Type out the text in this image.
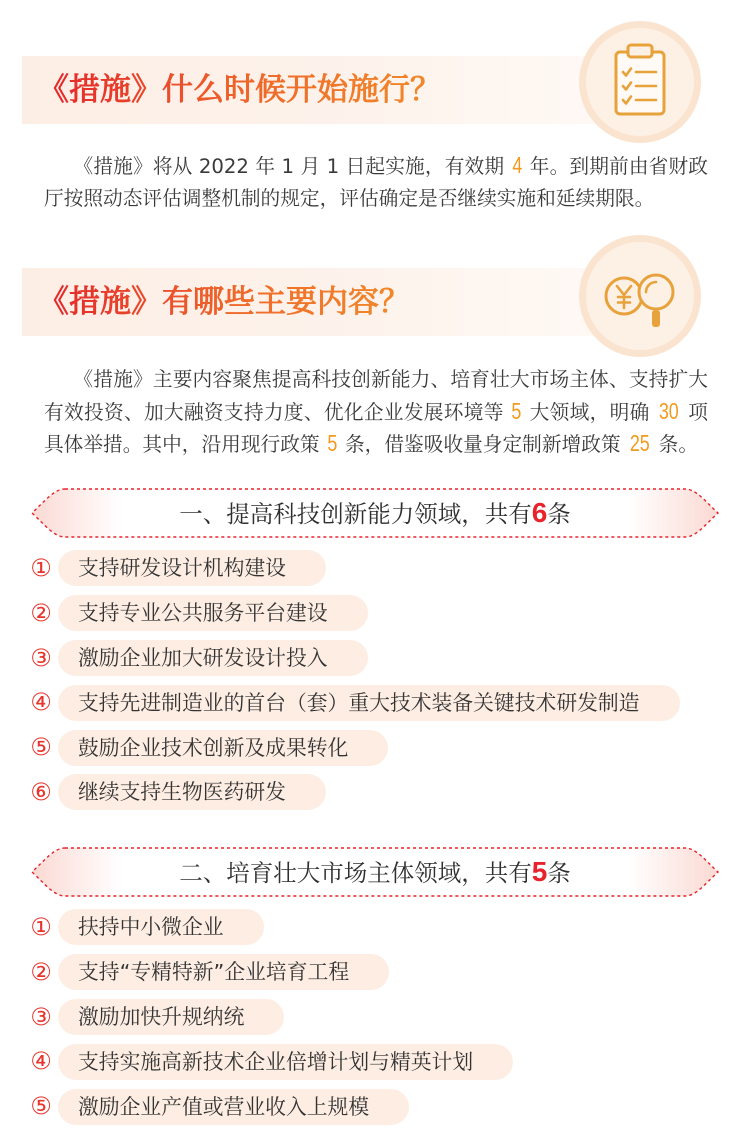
《措施》什么时候开始施行？

《措施》将从 2022 年 1 月 1 日起实施，有效期 4 年。到期前由省财政厅按照动态评估调整机制的规定，评估确定是否继续实施和延续期限。

《措施》有哪些主要内容？

《措施》主要内容聚焦提高科技创新能力、培育壮大市场主体、支持扩大有效投资、加大融资支持力度、优化企业发展环境等 5 大领域，明确 30 项具体举措。其中，沿用现行政策 5 条，借鉴吸收量身定制新增政策 25 条。

一、提高科技创新能力领域，共有6条
①	支持研发设计机构建设
②	支持专业公共服务平台建设
③	激励企业加大研发设计投入
④	支持先进制造业的首台（套）重大技术装备关键技术研发制造
⑤	鼓励企业技术创新及成果转化
⑥	继续支持生物医药研发
二、培育壮大市场主体领域，共有5条
①	扶持中小微企业
②	支持“专精特新”企业培育工程
③	激励加快升规纳统
④	支持实施高新技术企业倍增计划与精英计划
⑤	激励企业产值或营业收入上规模
